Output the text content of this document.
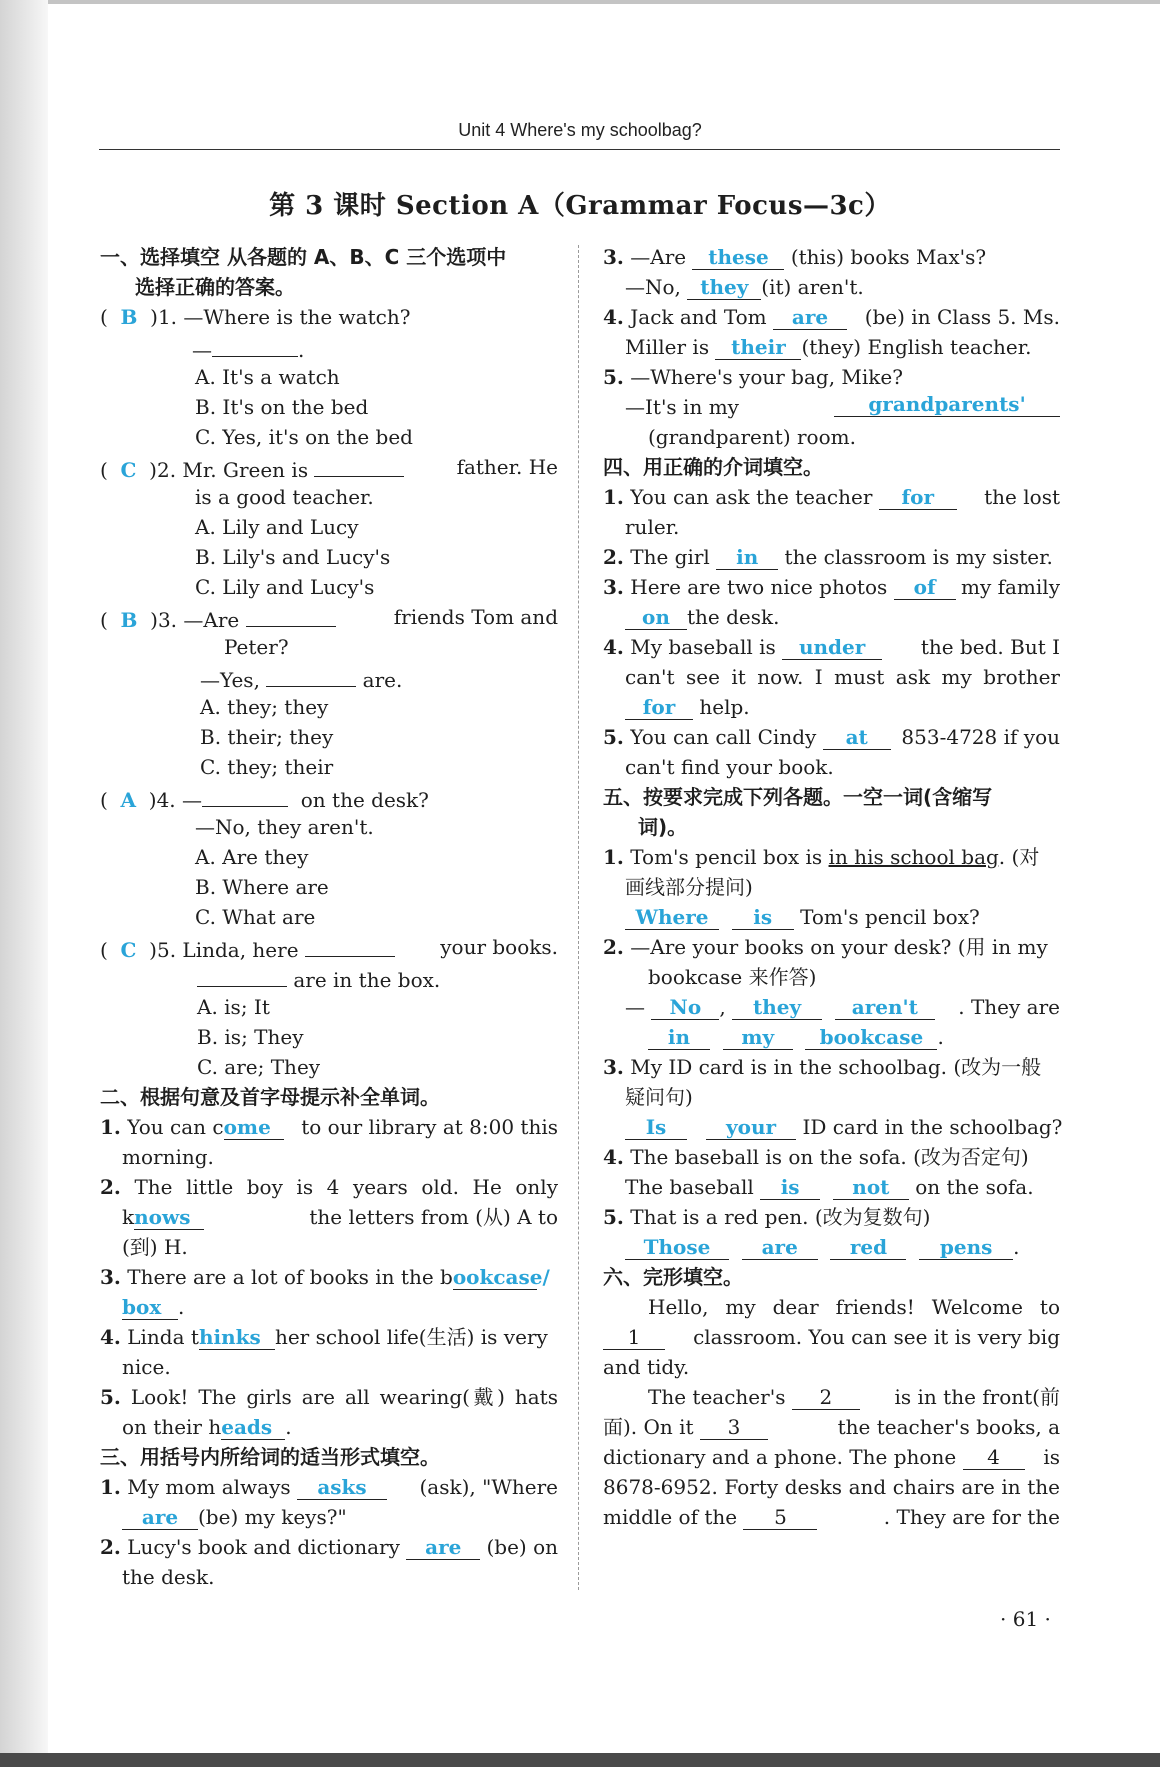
Unit 4 Where's my schoolbag?
第 3 课时 Section A（Grammar Focus—3c）
一、选择填空 从各题的 A、B、C 三个选项中
选择正确的答案。
(  B )1. —Where is the watch?
—	.
A. It's a watch
B. It's on the bed
C. Yes, it's on the bed
(  C )2. Mr. Green is	father. He
is a good teacher.
A. Lily and Lucy
B. Lily's and Lucy's
C. Lily and Lucy's
(  B )3. —Are	friends Tom and
Peter?
—Yes,	are.
A. they; they
B. their; they
C. they; their
(  A )4. —	on the desk?
—No, they aren't.
A. Are they
B. Where are
C. What are
(  C )5. Linda, here	your books.
are in the box.
A. is; It
B. is; They
C. are; They
二、根据句意及首字母提示补全单词。
1. You can come to our library at 8:00 this
morning.
2. The little boy is 4 years old. He only
knows	the letters from (从) A to
(到) H.
3. There are a lot of books in the bookcase/
box .
4. Linda thinks her school life(生活) is very
nice.
5. Look! The girls are all wearing(戴) hats
on their heads .
三、用括号内所给词的适当形式填空。
1. My mom always asks	(ask), "Where
are (be) my keys?"
2. Lucy's book and dictionary are (be) on
the desk.
3. —Are these (this) books Max's?
—No, they (it) aren't.
4. Jack and Tom are (be) in Class 5. Ms.
Miller is their (they) English teacher.
5. —Where's your bag, Mike?
—It's in my	grandparents'
(grandparent) room.
四、用正确的介词填空。
1. You can ask the teacher for	the lost
ruler.
2. The girl in the classroom is my sister.
3. Here are two nice photos of my family
on the desk.
4. My baseball is under	the bed. But I
can't see it now. I must ask my brother
for help.
5. You can call Cindy at 853-4728 if you
can't find your book.
五、按要求完成下列各题。一空一词(含缩写
词)。
1. Tom's pencil box is in his school bag. (对
画线部分提问)
Where is Tom's pencil box?
2. —Are your books on your desk? (用 in my
bookcase 来作答)
— No , they	aren't . They are
in	my bookcase .
3. My ID card is in the schoolbag. (改为一般
疑问句)
Is	your ID card in the schoolbag?
4. The baseball is on the sofa. (改为否定句)
The baseball is	not on the sofa.
5. That is a red pen. (改为复数句)
Those	are	red	pens .
六、完形填空。
Hello, my dear friends! Welcome to
1	classroom. You can see it is very big
and tidy.
The teacher's 2	is in the front(前
面). On it 3	the teacher's books, a
dictionary and a phone. The phone 4 is
8678-6952. Forty desks and chairs are in the
middle of the 5	. They are for the
· 61 ·
